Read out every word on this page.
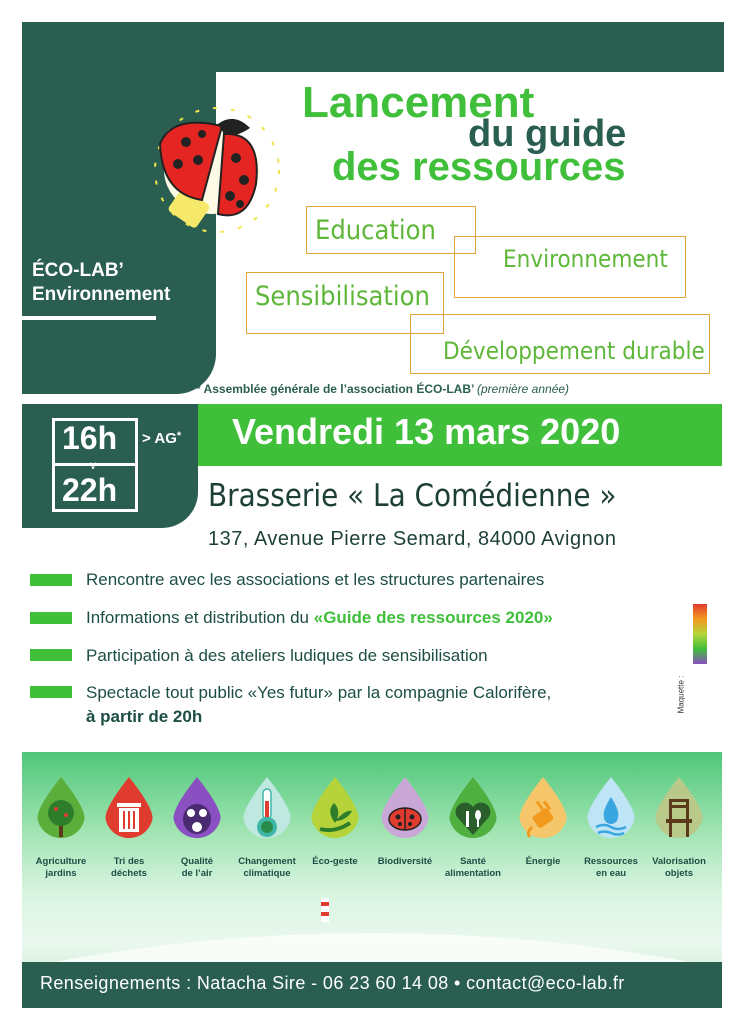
ÉCO-LAB’
Environnement
Lancement
du guide
des ressources
Education
Environnement
Sensibilisation
Développement durable
* Assemblée générale de l’association ÉCO-LAB’ (première année)
Vendredi 13 mars 2020
16h
v
22h
> AG*
Brasserie « La Comédienne »
137, Avenue Pierre Semard, 84000 Avignon
Rencontre avec les associations et les structures partenaires
Informations et distribution du «Guide des ressources 2020»
Participation à des ateliers ludiques de sensibilisation
Spectacle tout public «Yes futur» par la compagnie Calorifère,
à partir de 20h
Maquette :
Agriculture
jardins
Tri des
déchets
Qualité
de l’air
Changement
climatique
Éco-geste	Biodiversité	Santé
alimentation
Énergie	Ressources
en eau
Valorisation
objets
Renseignements : Natacha Sire - 06 23 60 14 08 • contact@eco-lab.fr
